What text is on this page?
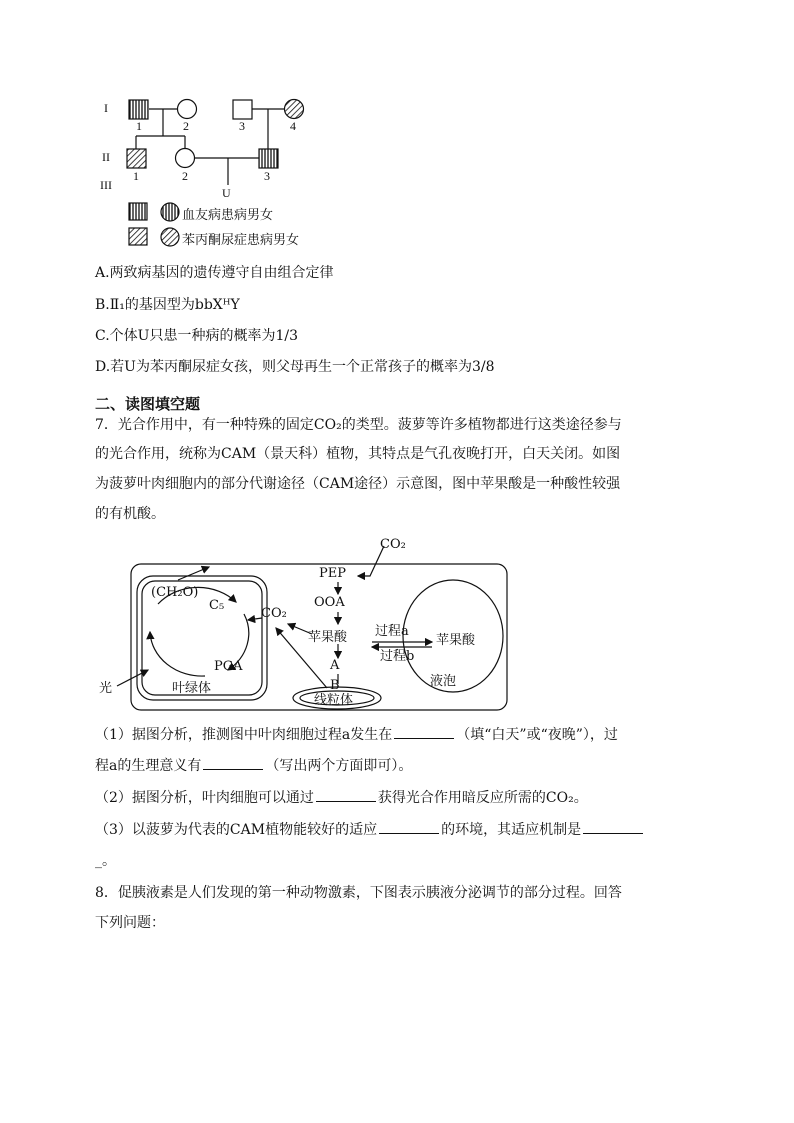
I
II
III
1	2	3	4
1	2	3
U
血友病患病男女
苯丙酮尿症患病男女
A.两致病基因的遗传遵守自由组合定律
B.Ⅱ₁的基因型为bbXᴴY
C.个体U只患一种病的概率为1/3
D.若U为苯丙酮尿症女孩，则父母再生一个正常孩子的概率为3/8
二、读图填空题
7．光合作用中，有一种特殊的固定CO₂的类型。菠萝等许多植物都进行这类途径参与
的光合作用，统称为CAM（景天科）植物，其特点是气孔夜晚打开，白天关闭。如图
为菠萝叶肉细胞内的部分代谢途径（CAM途径）示意图，图中苹果酸是一种酸性较强
的有机酸。
CO₂
PEP
OOA
苹果酸 过程a
过程b
苹果酸
液泡
A
B
线粒体
(CH₂O)
C₅
CO₂
PGA
叶绿体
光
（1）据图分析，推测图中叶肉细胞过程a发生在	（填“白天”或“夜晚”），过
程a的生理意义有	（写出两个方面即可）。
（2）据图分析，叶肉细胞可以通过	获得光合作用暗反应所需的CO₂。
（3）以菠萝为代表的CAM植物能较好的适应	的环境，其适应机制是
_。
8．促胰液素是人们发现的第一种动物激素，下图表示胰液分泌调节的部分过程。回答
下列问题：
